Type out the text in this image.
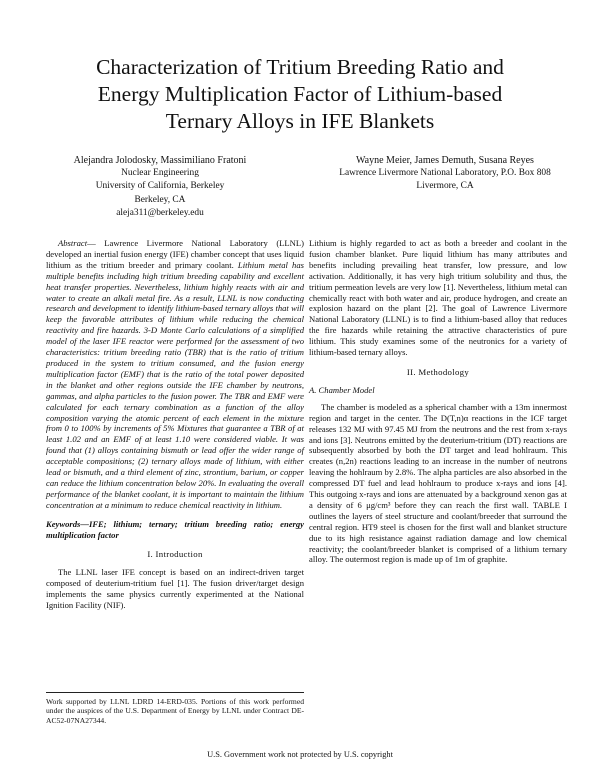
Characterization of Tritium Breeding Ratio and
Energy Multiplication Factor of Lithium-based
Ternary Alloys in IFE Blankets
Alejandra Jolodosky, Massimiliano Fratoni
Nuclear Engineering
University of California, Berkeley
Berkeley, CA
aleja311@berkeley.edu
Wayne Meier, James Demuth, Susana Reyes
Lawrence Livermore National Laboratory, P.O. Box 808
Livermore, CA

Abstract— Lawrence Livermore National Laboratory (LLNL) developed an inertial fusion energy (IFE) chamber concept that uses liquid lithium as the tritium breeder and primary coolant. Lithium metal has multiple benefits including high tritium breeding capability and excellent heat transfer properties. Nevertheless, lithium highly reacts with air and water to create an alkali metal fire. As a result, LLNL is now conducting research and development to identify lithium-based ternary alloys that will keep the favorable attributes of lithium while reducing the chemical reactivity and fire hazards. 3-D Monte Carlo calculations of a simplified model of the laser IFE reactor were performed for the assessment of two characteristics: tritium breeding ratio (TBR) that is the ratio of tritium produced in the system to tritium consumed, and the fusion energy multiplication factor (EMF) that is the ratio of the total power deposited in the blanket and other regions outside the IFE chamber by neutrons, gammas, and alpha particles to the fusion power. The TBR and EMF were calculated for each ternary combination as a function of the alloy composition varying the atomic percent of each element in the mixture from 0 to 100% by increments of 5% Mixtures that guarantee a TBR of at least 1.02 and an EMF of at least 1.10 were considered viable. It was found that (1) alloys containing bismuth or lead offer the wider range of acceptable compositions; (2) ternary alloys made of lithium, with either lead or bismuth, and a third element of zinc, strontium, barium, or copper can reduce the lithium concentration below 20%. In evaluating the overall performance of the blanket coolant, it is important to maintain the lithium concentration at a minimum to reduce chemical reactivity in lithium.

Keywords—IFE; lithium; ternary; tritium breeding ratio; energy multiplication factor

I. Introduction

The LLNL laser IFE concept is based on an indirect-driven target composed of deuterium-tritium fuel [1]. The fusion driver/target design implements the same physics currently experimented at the National Ignition Facility (NIF).

Work supported by LLNL LDRD 14-ERD-035. Portions of this work performed under the auspices of the U.S. Department of Energy by LLNL under Contract DE-AC52-07NA27344.

Lithium is highly regarded to act as both a breeder and coolant in the fusion chamber blanket. Pure liquid lithium has many attributes and benefits including prevailing heat transfer, low pressure, and low activation. Additionally, it has very high tritium solubility and thus, the tritium permeation levels are very low [1]. Nevertheless, lithium metal can chemically react with both water and air, produce hydrogen, and create an explosion hazard on the plant [2]. The goal of Lawrence Livermore National Laboratory (LLNL) is to find a lithium-based alloy that reduces the fire hazards while retaining the attractive characteristics of pure lithium. This study examines some of the neutronics for a variety of lithium-based ternary alloys.

II. Methodology

A. Chamber Model

The chamber is modeled as a spherical chamber with a 13m innermost region and target in the center. The D(T,n)α reactions in the ICF target releases 132 MJ with 97.45 MJ from the neutrons and the rest from x-rays and ions [3]. Neutrons emitted by the deuterium-tritium (DT) reactions are subsequently absorbed by both the DT target and lead hohlraum. This creates (n,2n) reactions leading to an increase in the number of neutrons leaving the hohlraum by 2.8%. The alpha particles are also absorbed in the compressed DT fuel and lead hohlraum to produce x-rays and ions [4]. This outgoing x-rays and ions are attenuated by a background xenon gas at a density of 6 μg/cm³ before they can reach the first wall. TABLE I outlines the layers of steel structure and coolant/breeder that surround the central region. HT9 steel is chosen for the first wall and blanket structure due to its high resistance against radiation damage and low chemical reactivity; the coolant/breeder blanket is comprised of a lithium ternary alloy. The outermost region is made up of 1m of graphite.

U.S. Government work not protected by U.S. copyright
